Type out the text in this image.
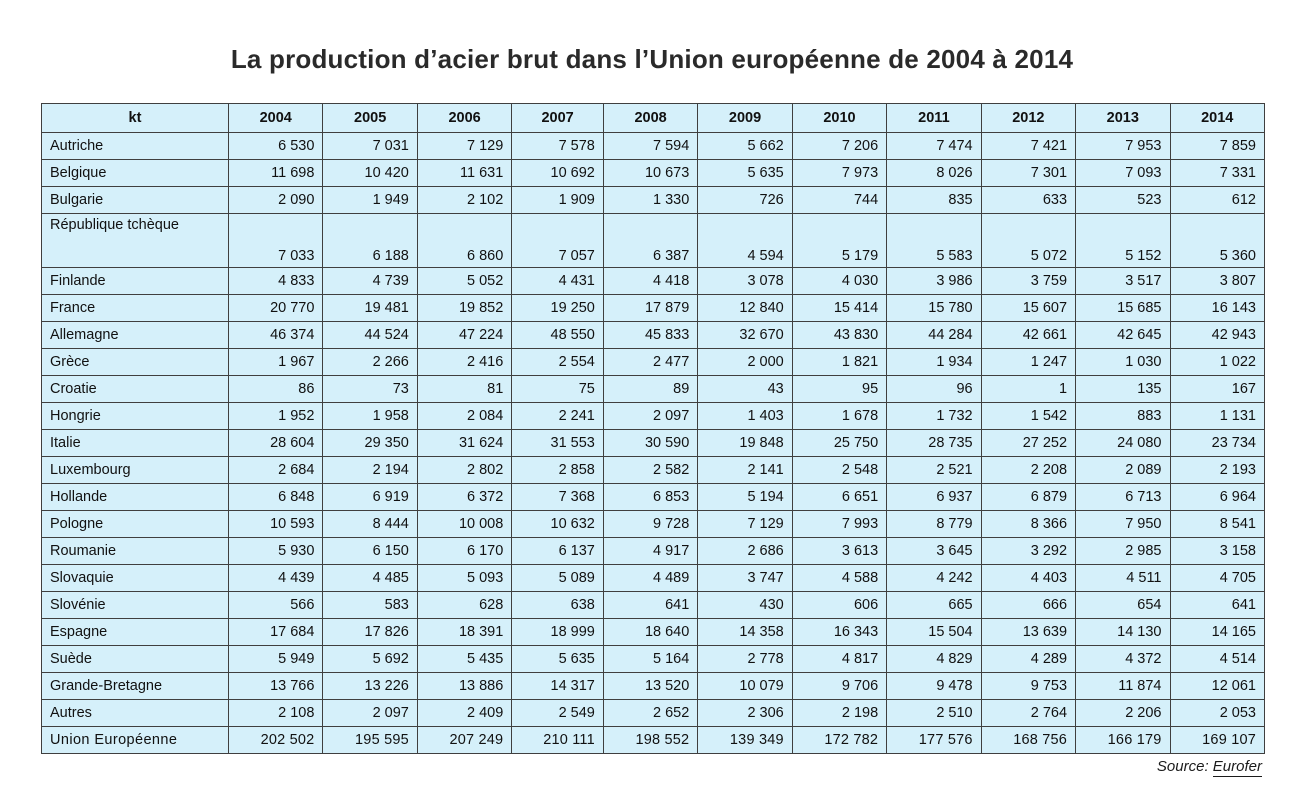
La production d’acier brut dans l’Union européenne de 2004 à 2014
kt	2004	2005	2006	2007	2008	2009	2010	2011	2012	2013	2014
Autriche	6 530	7 031	7 129	7 578	7 594	5 662	7 206	7 474	7 421	7 953	7 859
Belgique	11 698	10 420	11 631	10 692	10 673	5 635	7 973	8 026	7 301	7 093	7 331
Bulgarie	2 090	1 949	2 102	1 909	1 330	726	744	835	633	523	612
République tchèque	7 033	6 188	6 860	7 057	6 387	4 594	5 179	5 583	5 072	5 152	5 360
Finlande	4 833	4 739	5 052	4 431	4 418	3 078	4 030	3 986	3 759	3 517	3 807
France	20 770	19 481	19 852	19 250	17 879	12 840	15 414	15 780	15 607	15 685	16 143
Allemagne	46 374	44 524	47 224	48 550	45 833	32 670	43 830	44 284	42 661	42 645	42 943
Grèce	1 967	2 266	2 416	2 554	2 477	2 000	1 821	1 934	1 247	1 030	1 022
Croatie	86	73	81	75	89	43	95	96	1	135	167
Hongrie	1 952	1 958	2 084	2 241	2 097	1 403	1 678	1 732	1 542	883	1 131
Italie	28 604	29 350	31 624	31 553	30 590	19 848	25 750	28 735	27 252	24 080	23 734
Luxembourg	2 684	2 194	2 802	2 858	2 582	2 141	2 548	2 521	2 208	2 089	2 193
Hollande	6 848	6 919	6 372	7 368	6 853	5 194	6 651	6 937	6 879	6 713	6 964
Pologne	10 593	8 444	10 008	10 632	9 728	7 129	7 993	8 779	8 366	7 950	8 541
Roumanie	5 930	6 150	6 170	6 137	4 917	2 686	3 613	3 645	3 292	2 985	3 158
Slovaquie	4 439	4 485	5 093	5 089	4 489	3 747	4 588	4 242	4 403	4 511	4 705
Slovénie	566	583	628	638	641	430	606	665	666	654	641
Espagne	17 684	17 826	18 391	18 999	18 640	14 358	16 343	15 504	13 639	14 130	14 165
Suède	5 949	5 692	5 435	5 635	5 164	2 778	4 817	4 829	4 289	4 372	4 514
Grande-Bretagne	13 766	13 226	13 886	14 317	13 520	10 079	9 706	9 478	9 753	11 874	12 061
Autres	2 108	2 097	2 409	2 549	2 652	2 306	2 198	2 510	2 764	2 206	2 053
Union Européenne	202 502	195 595	207 249	210 111	198 552	139 349	172 782	177 576	168 756	166 179	169 107
Source: Eurofer
